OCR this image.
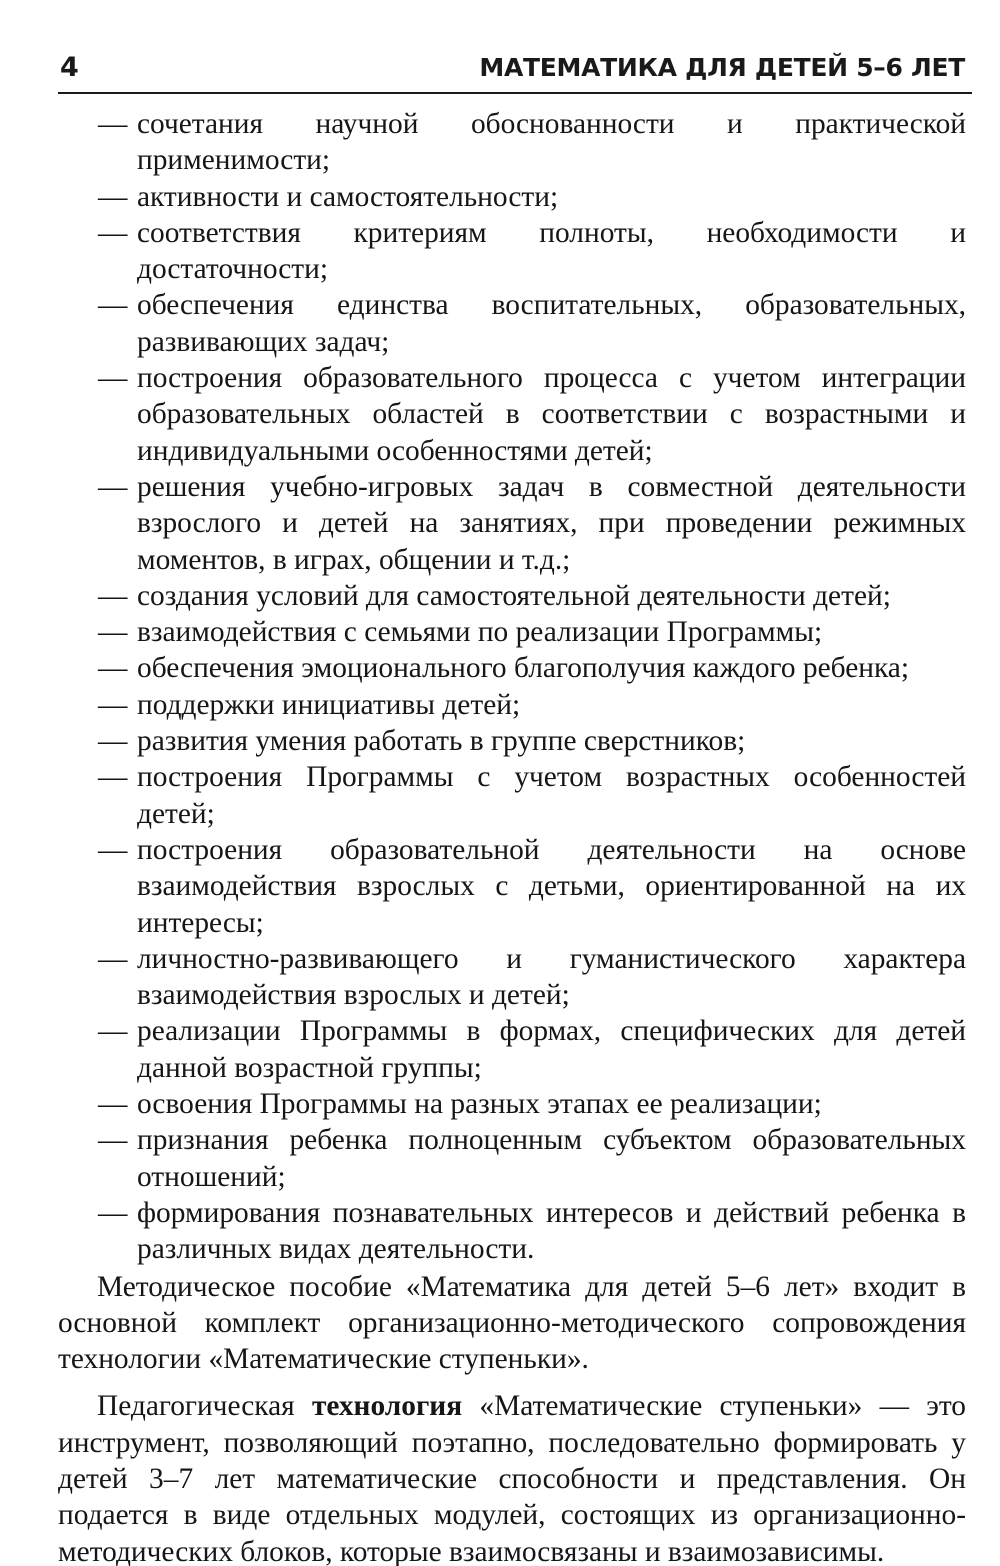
4	МАТЕМАТИКА ДЛЯ ДЕТЕЙ 5–6 ЛЕТ
— сочетания научной обоснованности и практической применимости;
— активности и самостоятельности;
— соответствия критериям полноты, необходимости и достаточности;
— обеспечения единства воспитательных, образовательных, развивающих задач;
— построения образовательного процесса с учетом интеграции образовательных областей в соответствии с возрастными и индивидуальными особенностями детей;
— решения учебно-игровых задач в совместной деятельности взрослого и детей на занятиях, при проведении режимных моментов, в играх, общении и т.д.;
— создания условий для самостоятельной деятельности детей;
— взаимодействия с семьями по реализации Программы;
— обеспечения эмоционального благополучия каждого ребенка;
— поддержки инициативы детей;
— развития умения работать в группе сверстников;
— построения Программы с учетом возрастных особенностей детей;
— построения образовательной деятельности на основе взаимодействия взрослых с детьми, ориентированной на их интересы;
— личностно-развивающего и гуманистического характера взаимодействия взрослых и детей;
— реализации Программы в формах, специфических для детей данной возрастной группы;
— освоения Программы на разных этапах ее реализации;
— признания ребенка полноценным субъектом образовательных отношений;
— формирования познавательных интересов и действий ребенка в различных видах деятельности.

Методическое пособие «Математика для детей 5–6 лет» входит в основной комплект организационно-методического сопровождения технологии «Математические ступеньки».

Педагогическая технология «Математические ступеньки» — это инструмент, позволяющий поэтапно, последовательно формировать у детей 3–7 лет математические способности и представления. Он подается в виде отдельных модулей, состоящих из организационно-методических блоков, которые взаимосвязаны и взаимозависимы.
